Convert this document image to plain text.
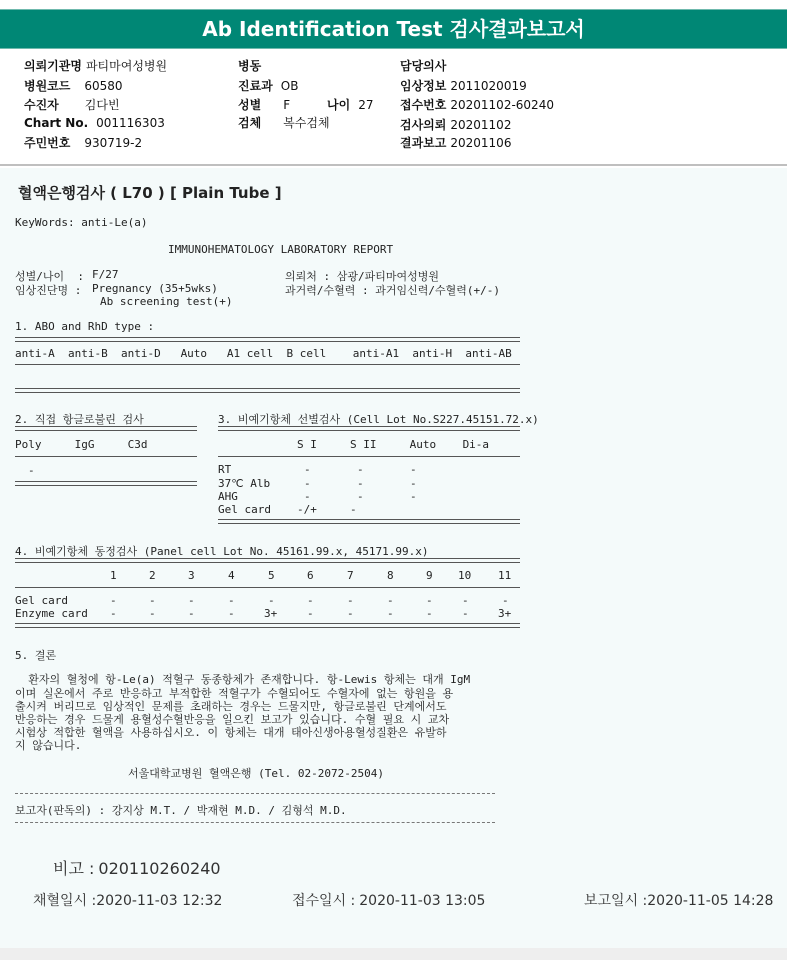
Ab Identification Test 검사결과보고서
의뢰기관명 파티마여성병원
병원코드 60580
수진자 김다빈
Chart No. 001116303
주민번호 930719-2
병동
진료과 OB
성별 F	나이 27
검체 복수검체
담당의사
임상정보 2011020019
접수번호 20201102-60240
검사의뢰 20201102
결과보고 20201106
혈액은행검사 ( L70 ) [ Plain Tube ]
KeyWords: anti-Le(a)
IMMUNOHEMATOLOGY LABORATORY REPORT
성별/나이  : F/27
임상진단명 : Pregnancy (35+5wks)
Ab screening test(+)
의뢰처 : 삼광/파티마여성병원
과거력/수혈력 : 과거임신력/수혈력(+/-)
1. ABO and RhD type :
anti-A  anti-B  anti-D   Auto   A1 cell  B cell    anti-A1  anti-H  anti-AB
2. 직접 항글로불린 검사
Poly     IgG     C3d
-
3. 비예기항체 선별검사 (Cell Lot No.S227.45151.72.x)
S I     S II     Auto    Di-a
RT	-       -       -
37℃ Alb	-       -       -
AHG	-       -       -
Gel card -/+     -
4. 비예기항체 동정검사 (Panel cell Lot No. 45161.99.x, 45171.99.x)
1	2	3	4	5	6	7	8	9 10 11
Gel card	-	-	-	-	-	-	-	-	-	-	-
Enzyme card -	-	-	-	3+	-	-	-	-	-	3+
5. 결론
환자의 혈청에 항-Le(a) 적혈구 동종항체가 존재합니다. 항-Lewis 항체는 대개 IgM
이며 실온에서 주로 반응하고 부적합한 적혈구가 수혈되어도 수혈자에 없는 항원을 용
출시켜 버리므로 임상적인 문제를 초래하는 경우는 드물지만, 항글로불린 단계에서도
반응하는 경우 드물게 용혈성수혈반응을 일으킨 보고가 있습니다. 수혈 필요 시 교차
시험상 적합한 혈액을 사용하십시오. 이 항체는 대개 태아신생아용혈성질환은 유발하
지 않습니다.
서울대학교병원 혈액은행 (Tel. 02-2072-2504)
보고자(판독의) : 강지상 M.T. / 박재현 M.D. / 김형석 M.D.
비고 : 020110260240
채혈일시 :2020-11-03 12:32	접수일시 : 2020-11-03 13:05	보고일시 :2020-11-05 14:28
